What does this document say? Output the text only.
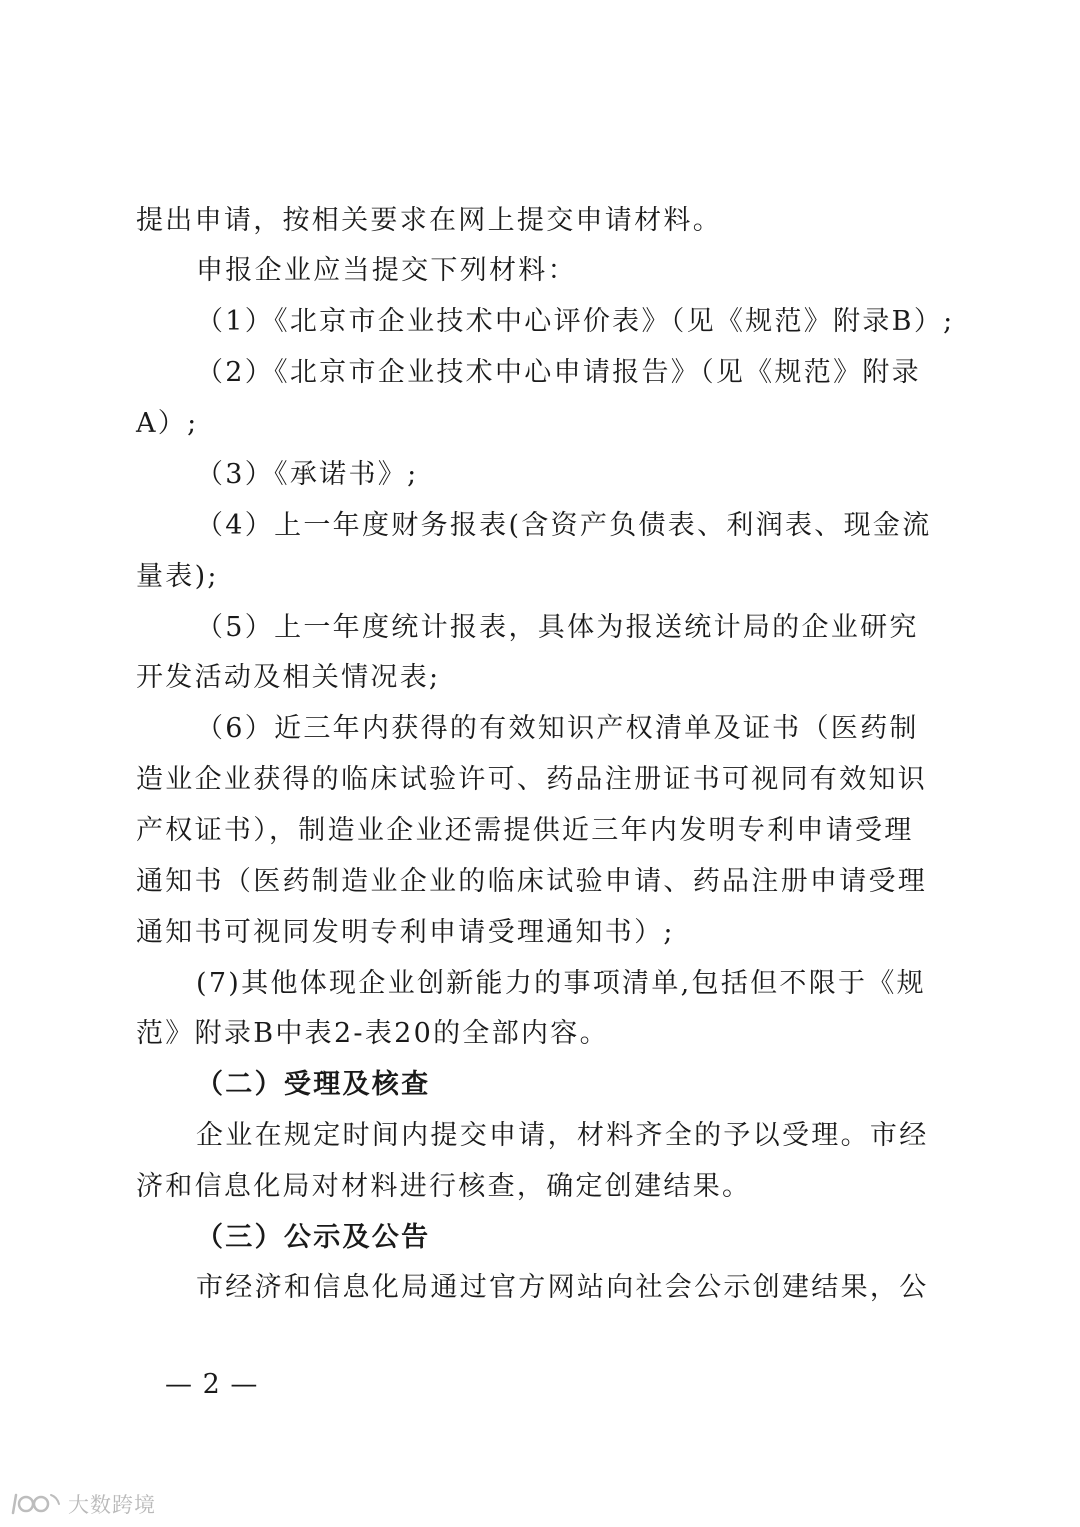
提出申请，按相关要求在网上提交申请材料。
申报企业应当提交下列材料：
（1）《北京市企业技术中心评价表》（见《规范》附录B）;
（2）《北京市企业技术中心申请报告》（见《规范》附录
A）;
（3）《承诺书》;
（4）上一年度财务报表(含资产负债表、利润表、现金流
量表);
（5）上一年度统计报表，具体为报送统计局的企业研究
开发活动及相关情况表;
（6）近三年内获得的有效知识产权清单及证书（医药制
造业企业获得的临床试验许可、药品注册证书可视同有效知识
产权证书），制造业企业还需提供近三年内发明专利申请受理
通知书（医药制造业企业的临床试验申请、药品注册申请受理
通知书可视同发明专利申请受理通知书）;
(7)其他体现企业创新能力的事项清单,包括但不限于《规
范》附录B中表2-表20的全部内容。
（二）受理及核查
企业在规定时间内提交申请，材料齐全的予以受理。市经
济和信息化局对材料进行核查，确定创建结果。
（三）公示及公告
市经济和信息化局通过官方网站向社会公示创建结果，公
— 2 —
大数跨境
